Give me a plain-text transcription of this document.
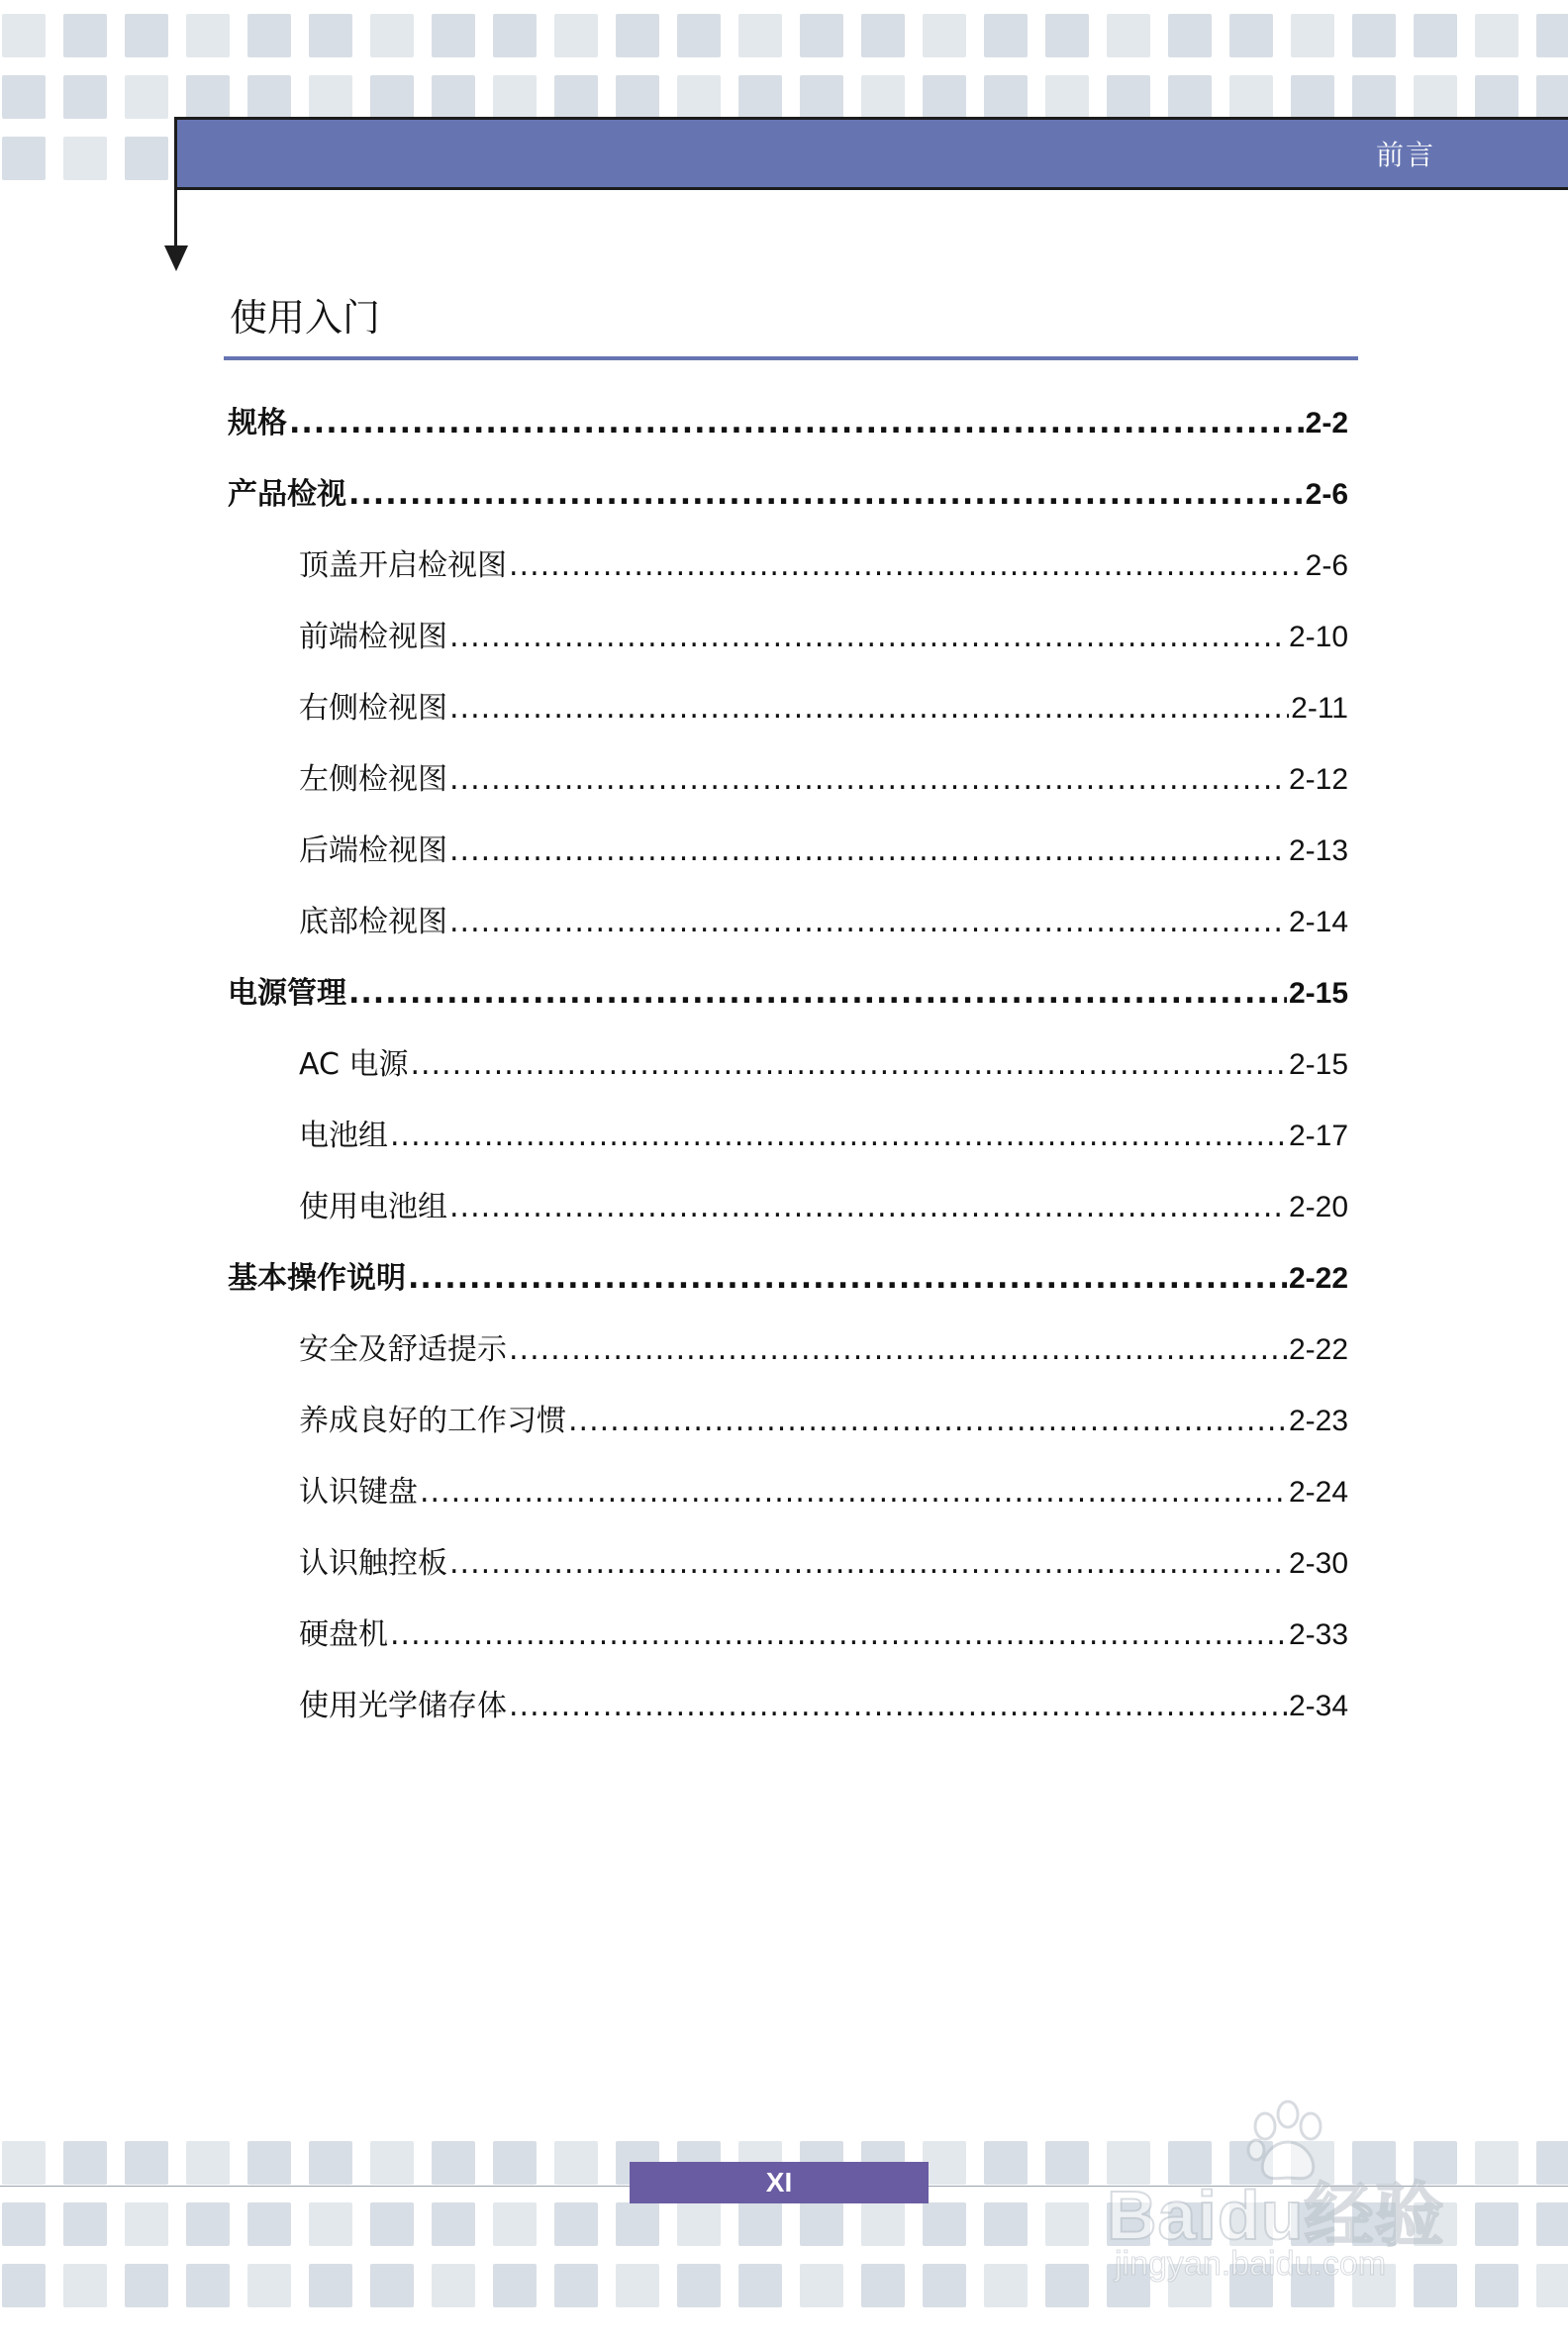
前言
使用入门
规格 .....	2-2
产品检视 .....	2-6
顶盖开启检视图 .....	2-6
前端检视图 .....	2-10
右侧检视图 .....	2-11
左侧检视图 .....	2-12
后端检视图 .....	2-13
底部检视图 .....	2-14
电源管理 .....	2-15
AC 电源 .....	2-15
电池组 .....	2-17
使用电池组 .....	2-20
基本操作说明 .....	2-22
安全及舒适提示 .....	2-22
养成良好的工作习惯 .....	2-23
认识键盘 .....	2-24
认识触控板 .....	2-30
硬盘机 .....	2-33
使用光学储存体 .....	2-34
XI	Baidu经验
jingyan.baidu.com
